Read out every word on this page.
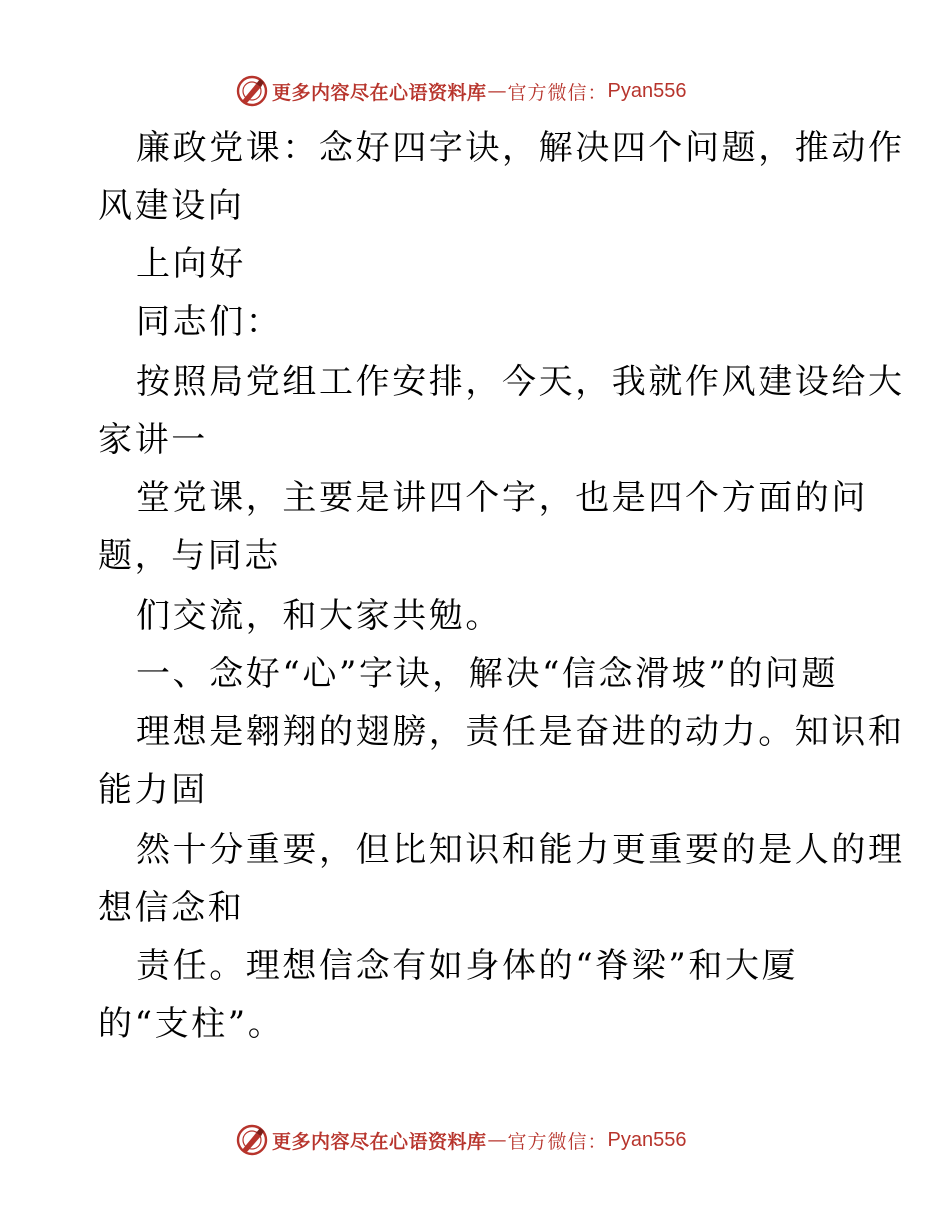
更多内容尽在心语资料库 — 官方微信： Pyan556
廉政党课：念好四字诀，解决四个问题，推动作
风建设向
上向好
同志们：
按照局党组工作安排，今天，我就作风建设给大
家讲一
堂党课，主要是讲四个字，也是四个方面的问
题，与同志
们交流，和大家共勉。
一、念好“心”字诀，解决“信念滑坡”的问题
理想是翱翔的翅膀，责任是奋进的动力。知识和
能力固
然十分重要，但比知识和能力更重要的是人的理
想信念和
责任。理想信念有如身体的“脊梁”和大厦
的“支柱”。
更多内容尽在心语资料库 — 官方微信： Pyan556
